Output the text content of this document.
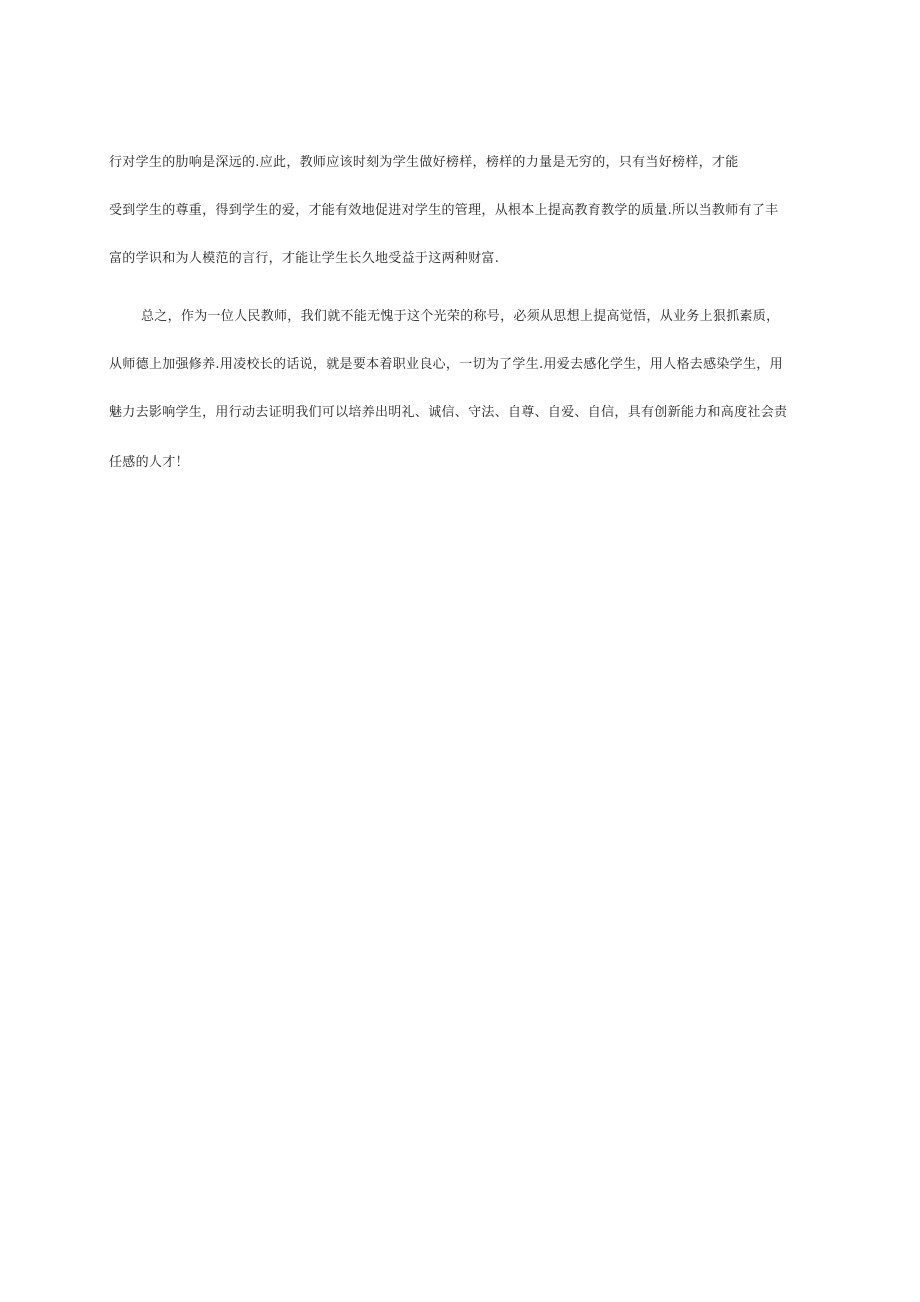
行对学生的肋响是深远的.应此，教师应该时刻为学生做好榜样，榜样的力量是无穷的，只有当好榜样，才能
受到学生的尊重，得到学生的爱，才能有效地促进对学生的管理，从根本上提高教育教学的质量.所以当教师有了丰
富的学识和为人模范的言行，才能让学生长久地受益于这两种财富.
总之，作为一位人民教师，我们就不能无愧于这个光荣的称号，必须从思想上提高觉悟，从业务上狠抓素质，
从师德上加强修养.用凌校长的话说，就是要本着职业良心，一切为了学生.用爱去感化学生，用人格去感染学生，用
魅力去影响学生，用行动去证明我们可以培养出明礼、诚信、守法、自尊、自爱、自信，具有创新能力和高度社会责
任感的人才！
